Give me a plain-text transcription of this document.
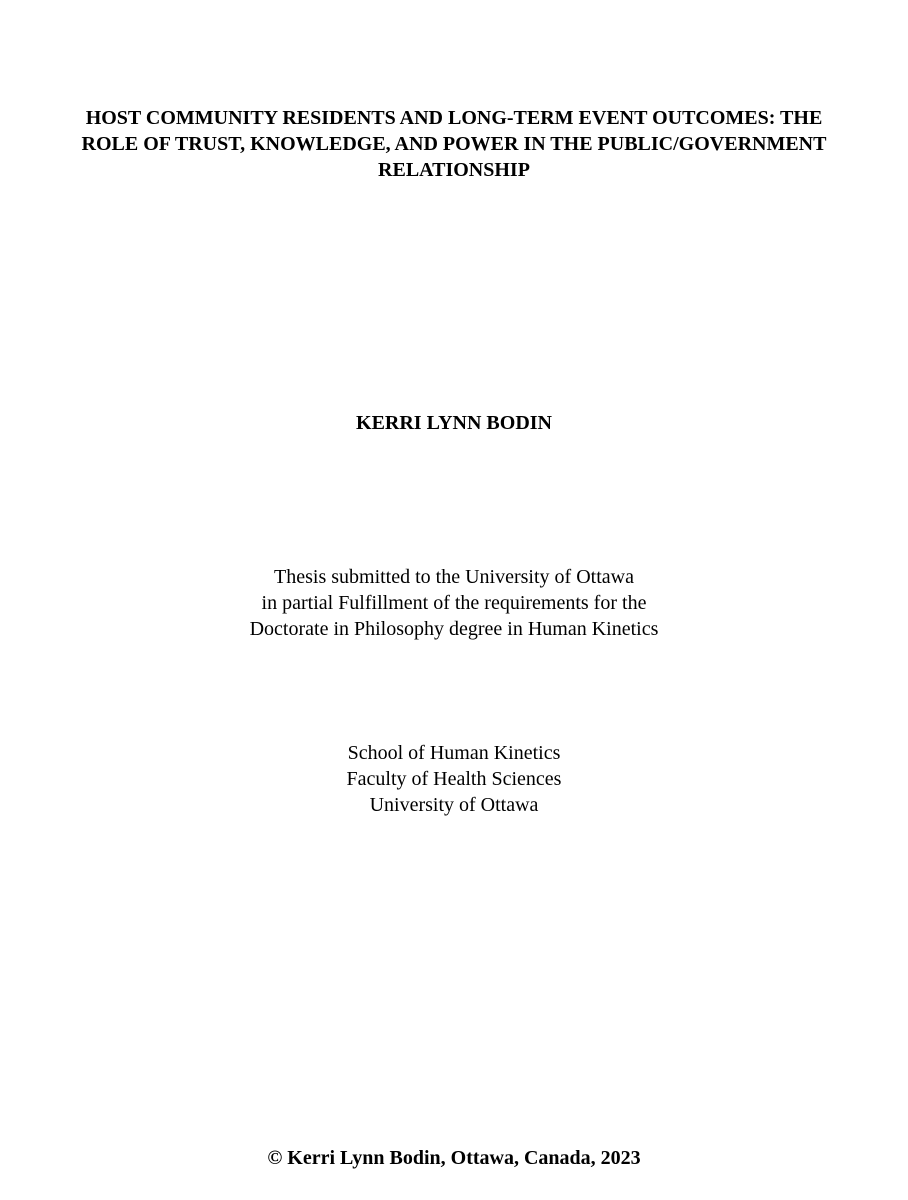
HOST COMMUNITY RESIDENTS AND LONG-TERM EVENT OUTCOMES: THE
ROLE OF TRUST, KNOWLEDGE, AND POWER IN THE PUBLIC/GOVERNMENT
RELATIONSHIP
KERRI LYNN BODIN
Thesis submitted to the University of Ottawa
in partial Fulfillment of the requirements for the
Doctorate in Philosophy degree in Human Kinetics
School of Human Kinetics
Faculty of Health Sciences
University of Ottawa
© Kerri Lynn Bodin, Ottawa, Canada, 2023
